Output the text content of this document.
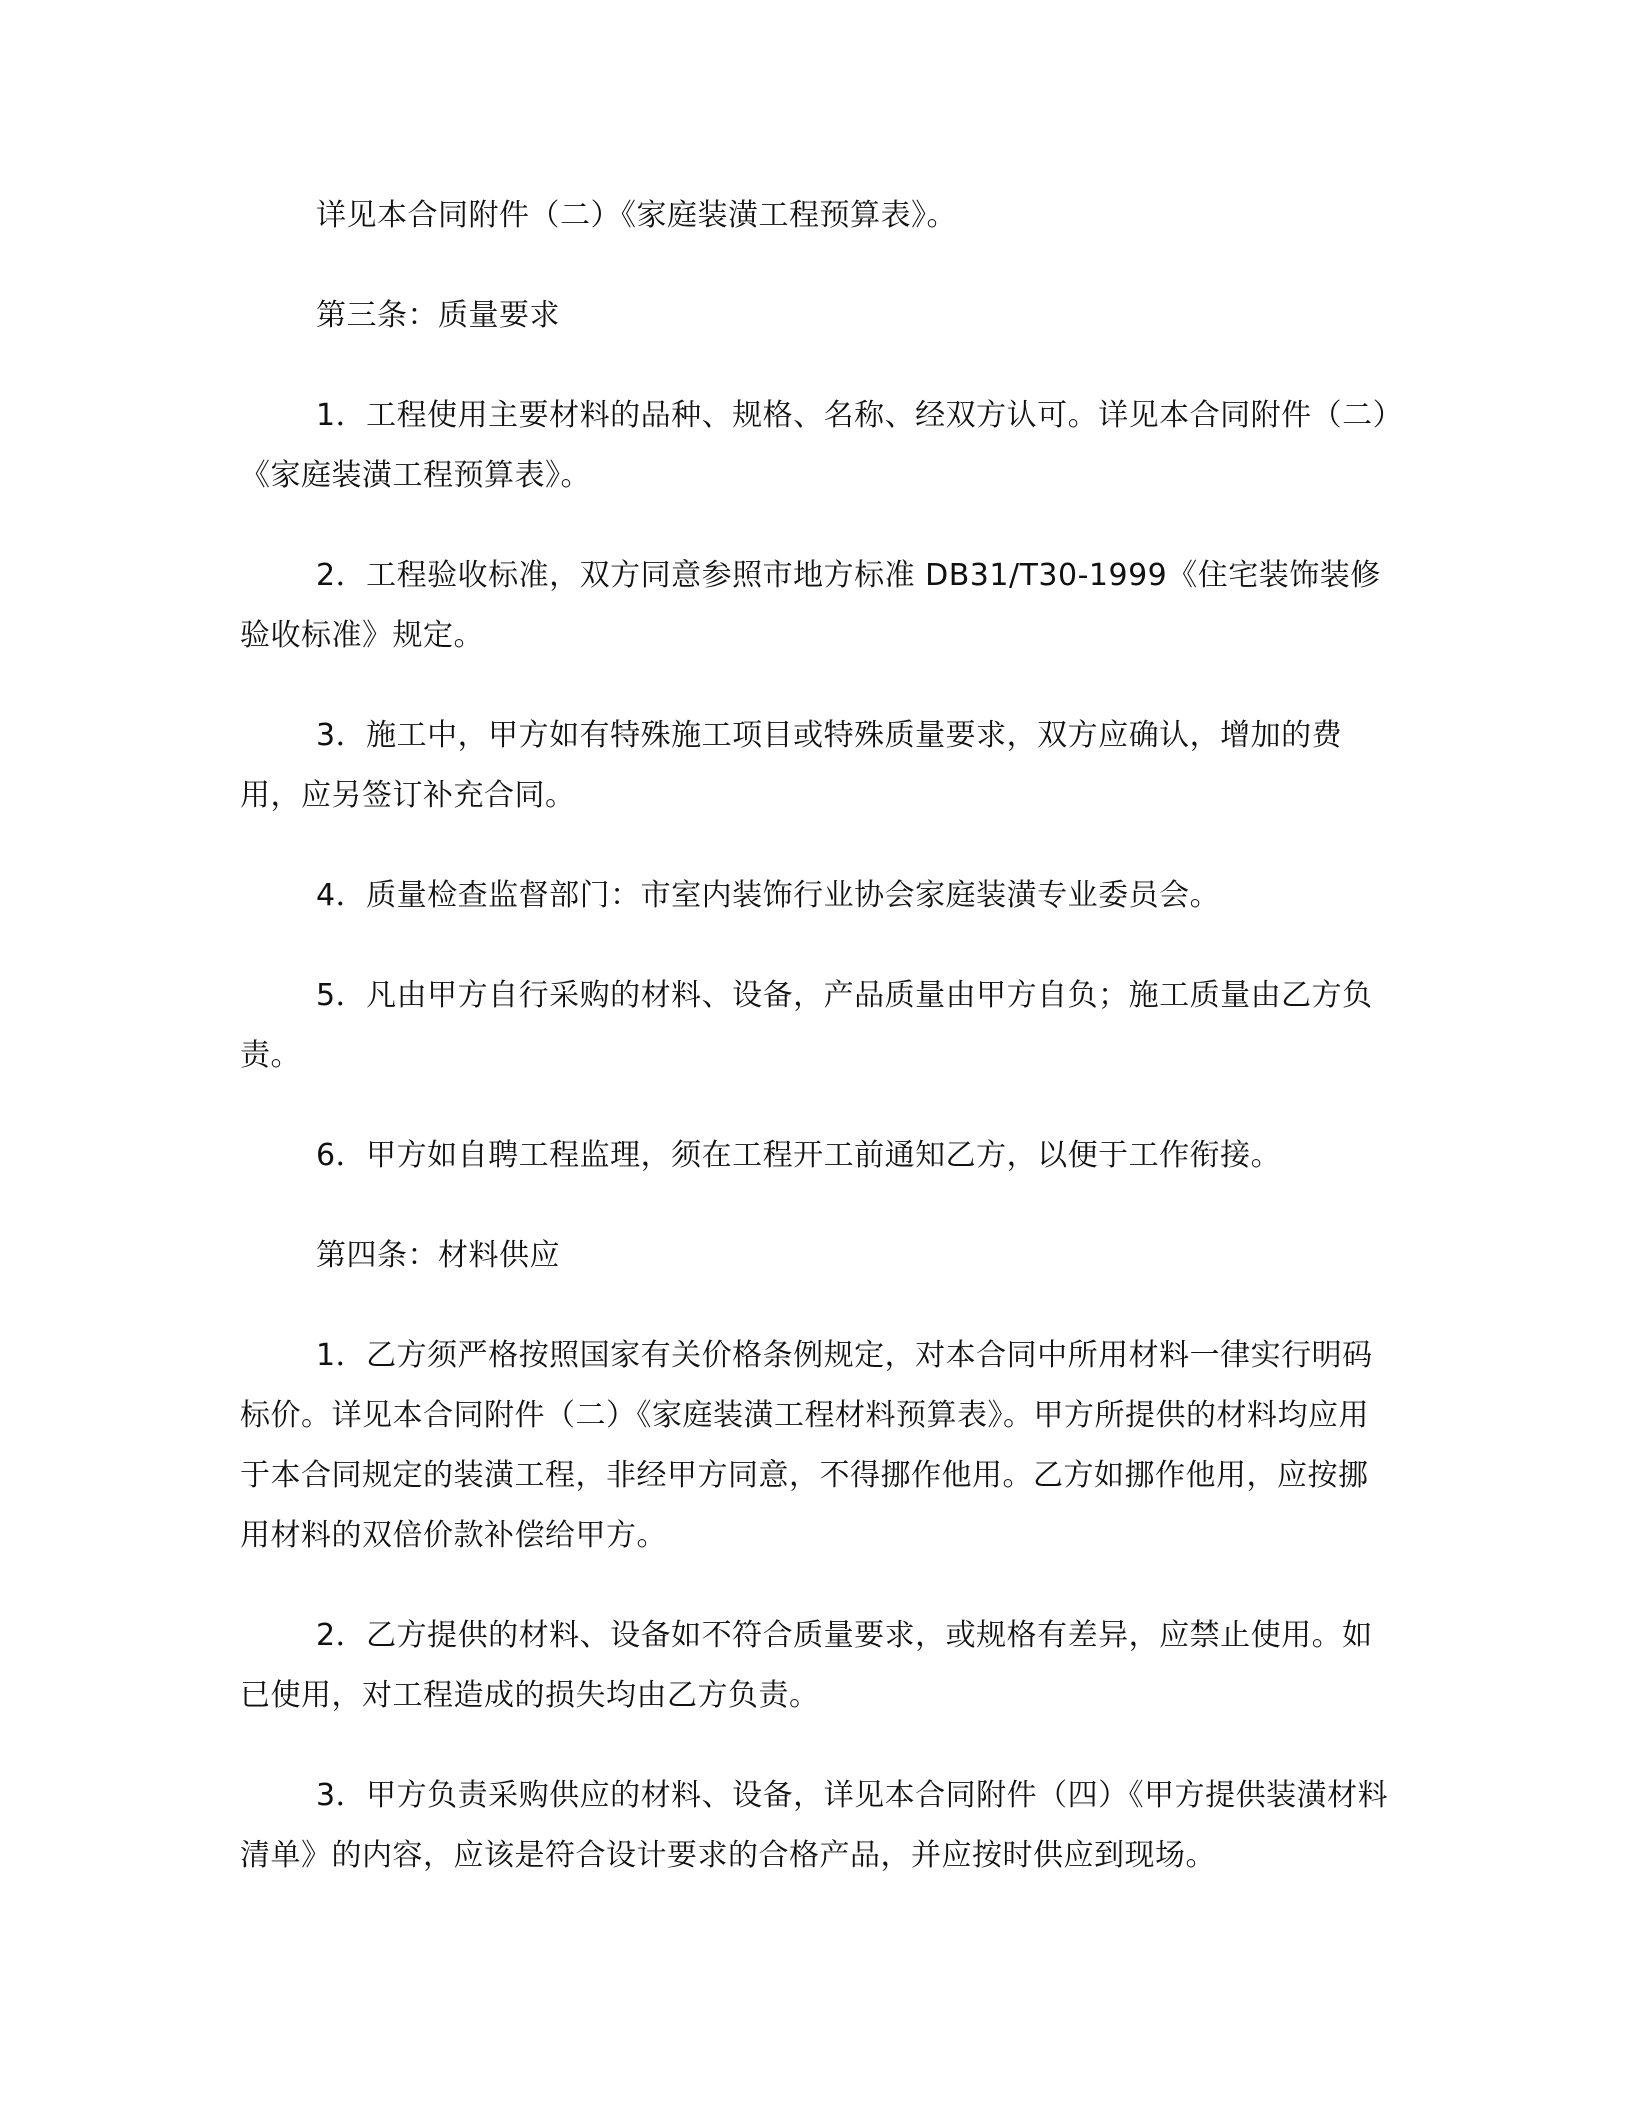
详见本合同附件（二）《家庭装潢工程预算表》。
第三条：质量要求
1．工程使用主要材料的品种、规格、名称、经双方认可。详见本合同附件（二）《家庭装潢工程预算表》。
2．工程验收标准，双方同意参照市地方标准 DB31/T30-1999《住宅装饰装修验收标准》规定。
3．施工中，甲方如有特殊施工项目或特殊质量要求，双方应确认，增加的费用，应另签订补充合同。
4．质量检查监督部门：市室内装饰行业协会家庭装潢专业委员会。
5．凡由甲方自行采购的材料、设备，产品质量由甲方自负；施工质量由乙方负责。
6．甲方如自聘工程监理，须在工程开工前通知乙方，以便于工作衔接。
第四条：材料供应
1．乙方须严格按照国家有关价格条例规定，对本合同中所用材料一律实行明码标价。详见本合同附件（二）《家庭装潢工程材料预算表》。甲方所提供的材料均应用于本合同规定的装潢工程，非经甲方同意，不得挪作他用。乙方如挪作他用，应按挪用材料的双倍价款补偿给甲方。
2．乙方提供的材料、设备如不符合质量要求，或规格有差异，应禁止使用。如已使用，对工程造成的损失均由乙方负责。
3．甲方负责采购供应的材料、设备，详见本合同附件（四）《甲方提供装潢材料清单》的内容，应该是符合设计要求的合格产品，并应按时供应到现场。
